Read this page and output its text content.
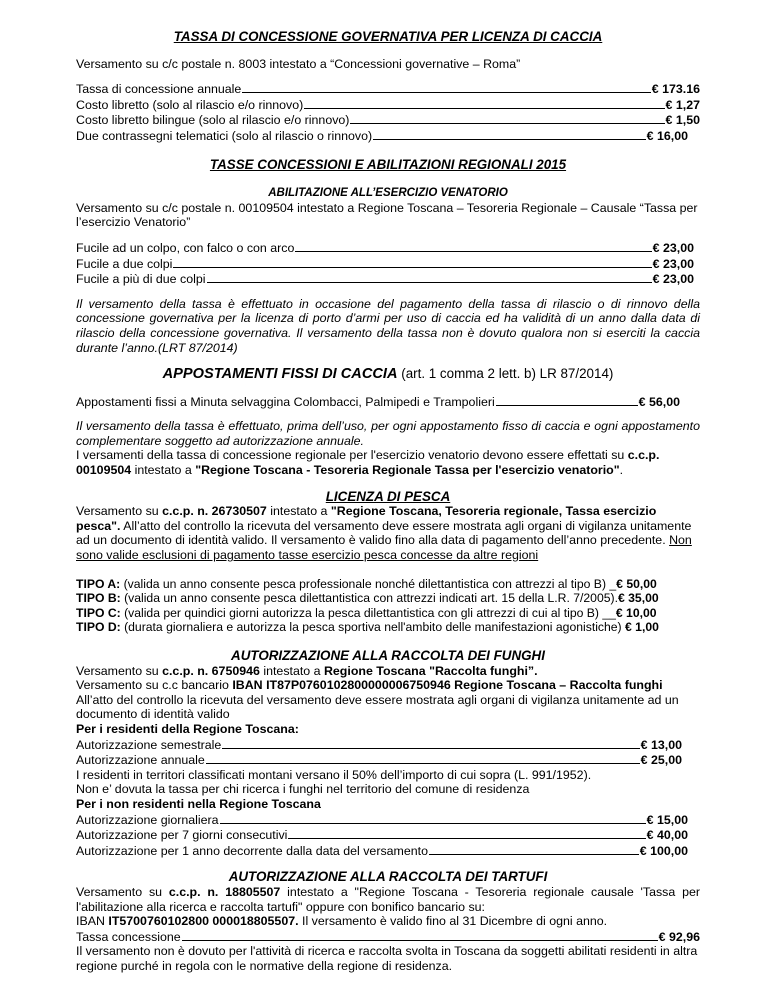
TASSA DI CONCESSIONE GOVERNATIVA PER LICENZA DI CACCIA

Versamento su c/c postale n. 8003 intestato a “Concessioni governative – Roma”

Tassa di concessione annuale	€ 173.16
Costo libretto (solo al rilascio e/o rinnovo)	€ 1,27
Costo libretto bilingue (solo al rilascio e/o rinnovo)	€ 1,50
Due contrassegni telematici (solo al rilascio o rinnovo)	€ 16,00
TASSE CONCESSIONI E ABILITAZIONI REGIONALI 2015
ABILITAZIONE ALL’ESERCIZIO VENATORIO

Versamento su c/c postale n. 00109504 intestato a Regione Toscana – Tesoreria Regionale – Causale “Tassa per l’esercizio Venatorio”

Fucile ad un colpo, con falco o con arco	€ 23,00
Fucile a due colpi	€ 23,00
Fucile a più di due colpi	€ 23,00

Il versamento della tassa è effettuato in occasione del pagamento della tassa di rilascio o di rinnovo della concessione governativa per la licenza di porto d’armi per uso di caccia ed ha validità di un anno dalla data di rilascio della concessione governativa. Il versamento della tassa non è dovuto qualora non si eserciti la caccia durante l’anno.(LRT 87/2014)

APPOSTAMENTI FISSI DI CACCIA (art. 1 comma 2 lett. b) LR 87/2014)
Appostamenti fissi a Minuta selvaggina Colombacci, Palmipedi e Trampolieri	€ 56,00

Il versamento della tassa è effettuato, prima dell’uso, per ogni appostamento fisso di caccia e ogni appostamento complementare soggetto ad autorizzazione annuale.

I versamenti della tassa di concessione regionale per l'esercizio venatorio devono essere effettati su c.c.p. 00109504 intestato a "Regione Toscana - Tesoreria Regionale Tassa per l'esercizio venatorio".

LICENZA DI PESCA

Versamento su c.c.p. n. 26730507 intestato a "Regione Toscana, Tesoreria regionale, Tassa esercizio pesca". All’atto del controllo la ricevuta del versamento deve essere mostrata agli organi di vigilanza unitamente ad un documento di identità valido. Il versamento è valido fino alla data di pagamento dell’anno precedente. Non sono valide esclusioni di pagamento tasse esercizio pesca concesse da altre regioni

TIPO A: (valida un anno consente pesca professionale nonché dilettantistica con attrezzi al tipo B) _€ 50,00
TIPO B: (valida un anno consente pesca dilettantistica con attrezzi indicati art. 15 della L.R. 7/2005).€ 35,00
TIPO C: (valida per quindici giorni autorizza la pesca dilettantistica con gli attrezzi di cui al tipo B) __€ 10,00
TIPO D: (durata giornaliera e autorizza la pesca sportiva nell'ambito delle manifestazioni agonistiche) € 1,00
AUTORIZZAZIONE ALLA RACCOLTA DEI FUNGHI

Versamento su c.c.p. n. 6750946 intestato a Regione Toscana "Raccolta funghi”.

Versamento su c.c bancario IBAN IT87P0760102800000006750946 Regione Toscana – Raccolta funghi

All’atto del controllo la ricevuta del versamento deve essere mostrata agli organi di vigilanza unitamente ad un documento di identità valido

Per i residenti della Regione Toscana:

Autorizzazione semestrale	€ 13,00
Autorizzazione annuale	€ 25,00

I residenti in territori classificati montani versano il 50% dell’importo di cui sopra (L. 991/1952).

Non e’ dovuta la tassa per chi ricerca i funghi nel territorio del comune di residenza

Per i non residenti nella Regione Toscana

Autorizzazione giornaliera	€ 15,00
Autorizzazione per 7 giorni consecutivi	€ 40,00
Autorizzazione per 1 anno decorrente dalla data del versamento	€ 100,00
AUTORIZZAZIONE ALLA RACCOLTA DEI TARTUFI

Versamento su c.c.p. n. 18805507 intestato a "Regione Toscana - Tesoreria regionale causale 'Tassa per l'abilitazione alla ricerca e raccolta tartufi" oppure con bonifico bancario su:

IBAN IT5700760102800 000018805507. Il versamento è valido fino al 31 Dicembre di ogni anno.

Tassa concessione	€ 92,96

Il versamento non è dovuto per l'attività di ricerca e raccolta svolta in Toscana da soggetti abilitati residenti in altra regione purché in regola con le normative della regione di residenza.
